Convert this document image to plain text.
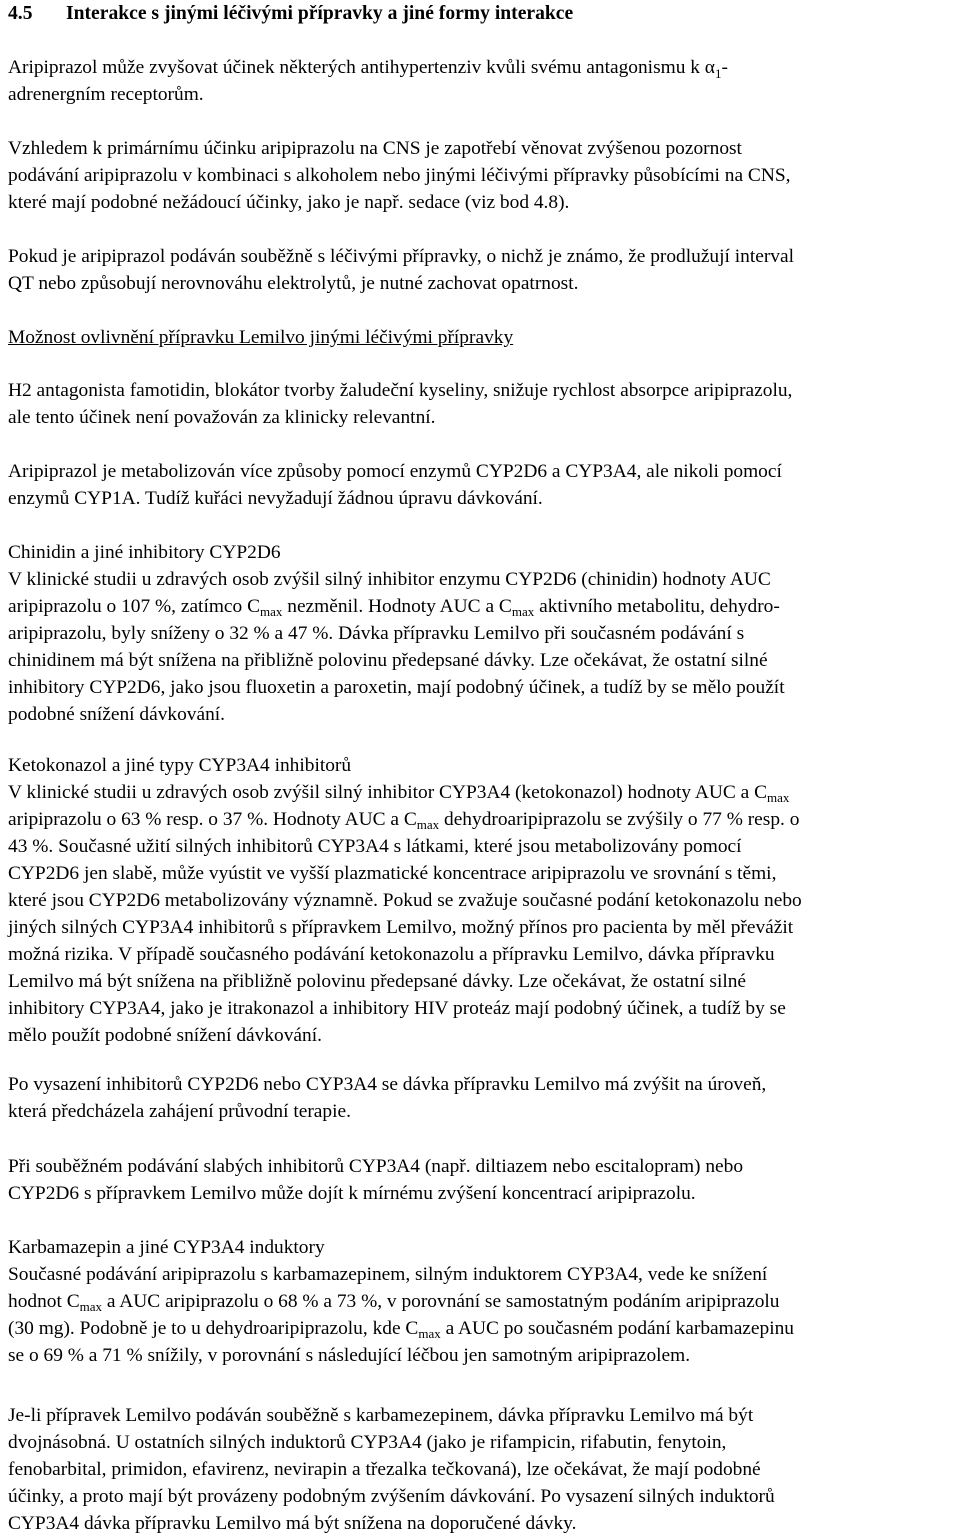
4.5	Interakce s jinými léčivými přípravky a jiné formy interakce
Aripiprazol může zvyšovat účinek některých antihypertenziv kvůli svému antagonismu k $\alpha_1-$
adrenergním receptorům.
Vzhledem k primárnímu účinku aripiprazolu na CNS je zapotřebí věnovat zvýšenou pozornost
podávání aripiprazolu v kombinaci s alkoholem nebo jinými léčivými přípravky působícími na CNS,
které mají podobné nežádoucí účinky, jako je např. sedace (viz bod 4.8).
Pokud je aripiprazol podáván souběžně s léčivými přípravky, o nichž je známo, že prodlužují interval
QT nebo způsobují nerovnováhu elektrolytů, je nutné zachovat opatrnost.
Možnost ovlivnění přípravku Lemilvo jinými léčivými přípravky
H2 antagonista famotidin, blokátor tvorby žaludeční kyseliny, snižuje rychlost absorpce aripiprazolu,
ale tento účinek není považován za klinicky relevantní.
Aripiprazol je metabolizován více způsoby pomocí enzymů CYP2D6 a CYP3A4, ale nikoli pomocí
enzymů CYP1A. Tudíž kuřáci nevyžadují žádnou úpravu dávkování.
Chinidin a jiné inhibitory CYP2D6
V klinické studii u zdravých osob zvýšil silný inhibitor enzymu CYP2D6 (chinidin) hodnoty AUC
aripiprazolu o 107 %, zatímco $C_{max}$ nezměnil. Hodnoty AUC a $C_{max}$ aktivního metabolitu, dehydro-
aripiprazolu, byly sníženy o 32 % a 47 %. Dávka přípravku Lemilvo při současném podávání s
chinidinem má být snížena na přibližně polovinu předepsané dávky. Lze očekávat, že ostatní silné
inhibitory CYP2D6, jako jsou fluoxetin a paroxetin, mají podobný účinek, a tudíž by se mělo použít
podobné snížení dávkování.
Ketokonazol a jiné typy CYP3A4 inhibitorů
V klinické studii u zdravých osob zvýšil silný inhibitor CYP3A4 (ketokonazol) hodnoty AUC a $C_{max}$
aripiprazolu o 63 % resp. o 37 %. Hodnoty AUC a $C_{max}$ dehydroaripiprazolu se zvýšily o 77 % resp. o
43 %. Současné užití silných inhibitorů CYP3A4 s látkami, které jsou metabolizovány pomocí
CYP2D6 jen slabě, může vyústit ve vyšší plazmatické koncentrace aripiprazolu ve srovnání s těmi,
které jsou CYP2D6 metabolizovány významně. Pokud se zvažuje současné podání ketokonazolu nebo
jiných silných CYP3A4 inhibitorů s přípravkem Lemilvo, možný přínos pro pacienta by měl převážit
možná rizika. V případě současného podávání ketokonazolu a přípravku Lemilvo, dávka přípravku
Lemilvo má být snížena na přibližně polovinu předepsané dávky. Lze očekávat, že ostatní silné
inhibitory CYP3A4, jako je itrakonazol a inhibitory HIV proteáz mají podobný účinek, a tudíž by se
mělo použít podobné snížení dávkování.
Po vysazení inhibitorů CYP2D6 nebo CYP3A4 se dávka přípravku Lemilvo má zvýšit na úroveň,
která předcházela zahájení průvodní terapie.
Při souběžném podávání slabých inhibitorů CYP3A4 (např. diltiazem nebo escitalopram) nebo
CYP2D6 s přípravkem Lemilvo může dojít k mírnému zvýšení koncentrací aripiprazolu.
Karbamazepin a jiné CYP3A4 induktory
Současné podávání aripiprazolu s karbamazepinem, silným induktorem CYP3A4, vede ke snížení
hodnot $C_{max}$ a AUC aripiprazolu o 68 % a 73 %, v porovnání se samostatným podáním aripiprazolu
(30 mg). Podobně je to u dehydroaripiprazolu, kde $C_{max}$ a AUC po současném podání karbamazepinu
se o 69 % a 71 % snížily, v porovnání s následující léčbou jen samotným aripiprazolem.
Je-li přípravek Lemilvo podáván souběžně s karbamezepinem, dávka přípravku Lemilvo má být
dvojnásobná. U ostatních silných induktorů CYP3A4 (jako je rifampicin, rifabutin, fenytoin,
fenobarbital, primidon, efavirenz, nevirapin a třezalka tečkovaná), lze očekávat, že mají podobné
účinky, a proto mají být provázeny podobným zvýšením dávkování. Po vysazení silných induktorů
CYP3A4 dávka přípravku Lemilvo má být snížena na doporučené dávky.
